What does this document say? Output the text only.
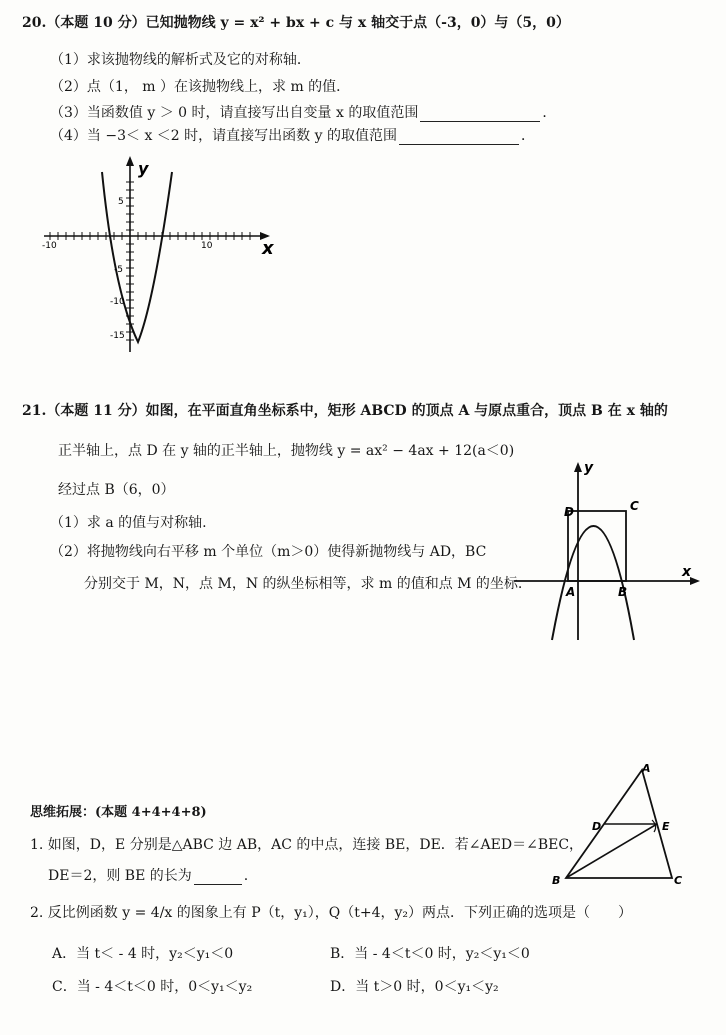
20.（本题 10 分）已知抛物线 y = x² + bx + c 与 x 轴交于点（-3，0）与（5，0）
（1）求该抛物线的解析式及它的对称轴．
（2）点（1， m ）在该抛物线上，求 m 的值．
（3）当函数值 y ＞ 0 时，请直接写出自变量 x 的取值范围	．
（4）当 −3＜ x ＜2 时，请直接写出函数 y 的取值范围	．
y
x
-10	10
5
-5
-10
-15
21.（本题 11 分）如图，在平面直角坐标系中，矩形 ABCD 的顶点 A 与原点重合，顶点 B 在 x 轴的
正半轴上，点 D 在 y 轴的正半轴上，抛物线 y = ax² − 4ax + 12(a＜0)
经过点 B（6，0）
（1）求 a 的值与对称轴.
（2）将抛物线向右平移 m 个单位（m＞0）使得新抛物线与 AD，BC
分别交于 M，N，点 M，N 的纵坐标相等，求 m 的值和点 M 的坐标.
y
x
D	C
A	B
思维拓展：(本题 4+4+4+8)
1. 如图，D，E 分别是△ABC 边 AB，AC 的中点，连接 BE，DE．若∠AED＝∠BEC，
DE＝2，则 BE 的长为	.
2. 反比例函数 y = 4/x 的图象上有 P（t，y₁），Q（t+4，y₂）两点．下列正确的选项是（　　）
A．当 t＜ - 4 时，y₂＜y₁＜0	B．当 - 4＜t＜0 时，y₂＜y₁＜0
C．当 - 4＜t＜0 时，0＜y₁＜y₂	D．当 t＞0 时，0＜y₁＜y₂
A
D	E
B	C
